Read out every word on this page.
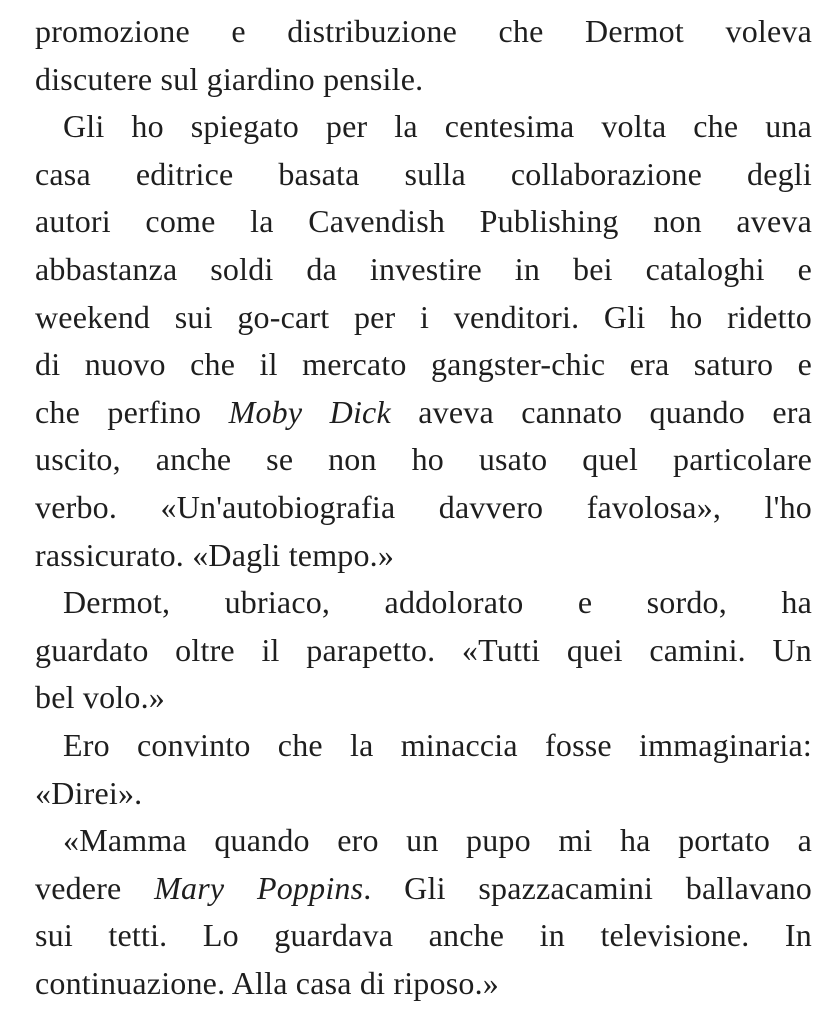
promozione e distribuzione che Dermot voleva
discutere sul giardino pensile.
Gli ho spiegato per la centesima volta che una
casa editrice basata sulla collaborazione degli
autori come la Cavendish Publishing non aveva
abbastanza soldi da investire in bei cataloghi e
weekend sui go-cart per i venditori. Gli ho ridetto
di nuovo che il mercato gangster-chic era saturo e
che perfino Moby Dick aveva cannato quando era
uscito, anche se non ho usato quel particolare
verbo. «Un'autobiografia davvero favolosa», l'ho
rassicurato. «Dagli tempo.»
Dermot, ubriaco, addolorato e sordo, ha
guardato oltre il parapetto. «Tutti quei camini. Un
bel volo.»
Ero convinto che la minaccia fosse immaginaria:
«Direi».
«Mamma quando ero un pupo mi ha portato a
vedere Mary Poppins. Gli spazzacamini ballavano
sui tetti. Lo guardava anche in televisione. In
continuazione. Alla casa di riposo.»
